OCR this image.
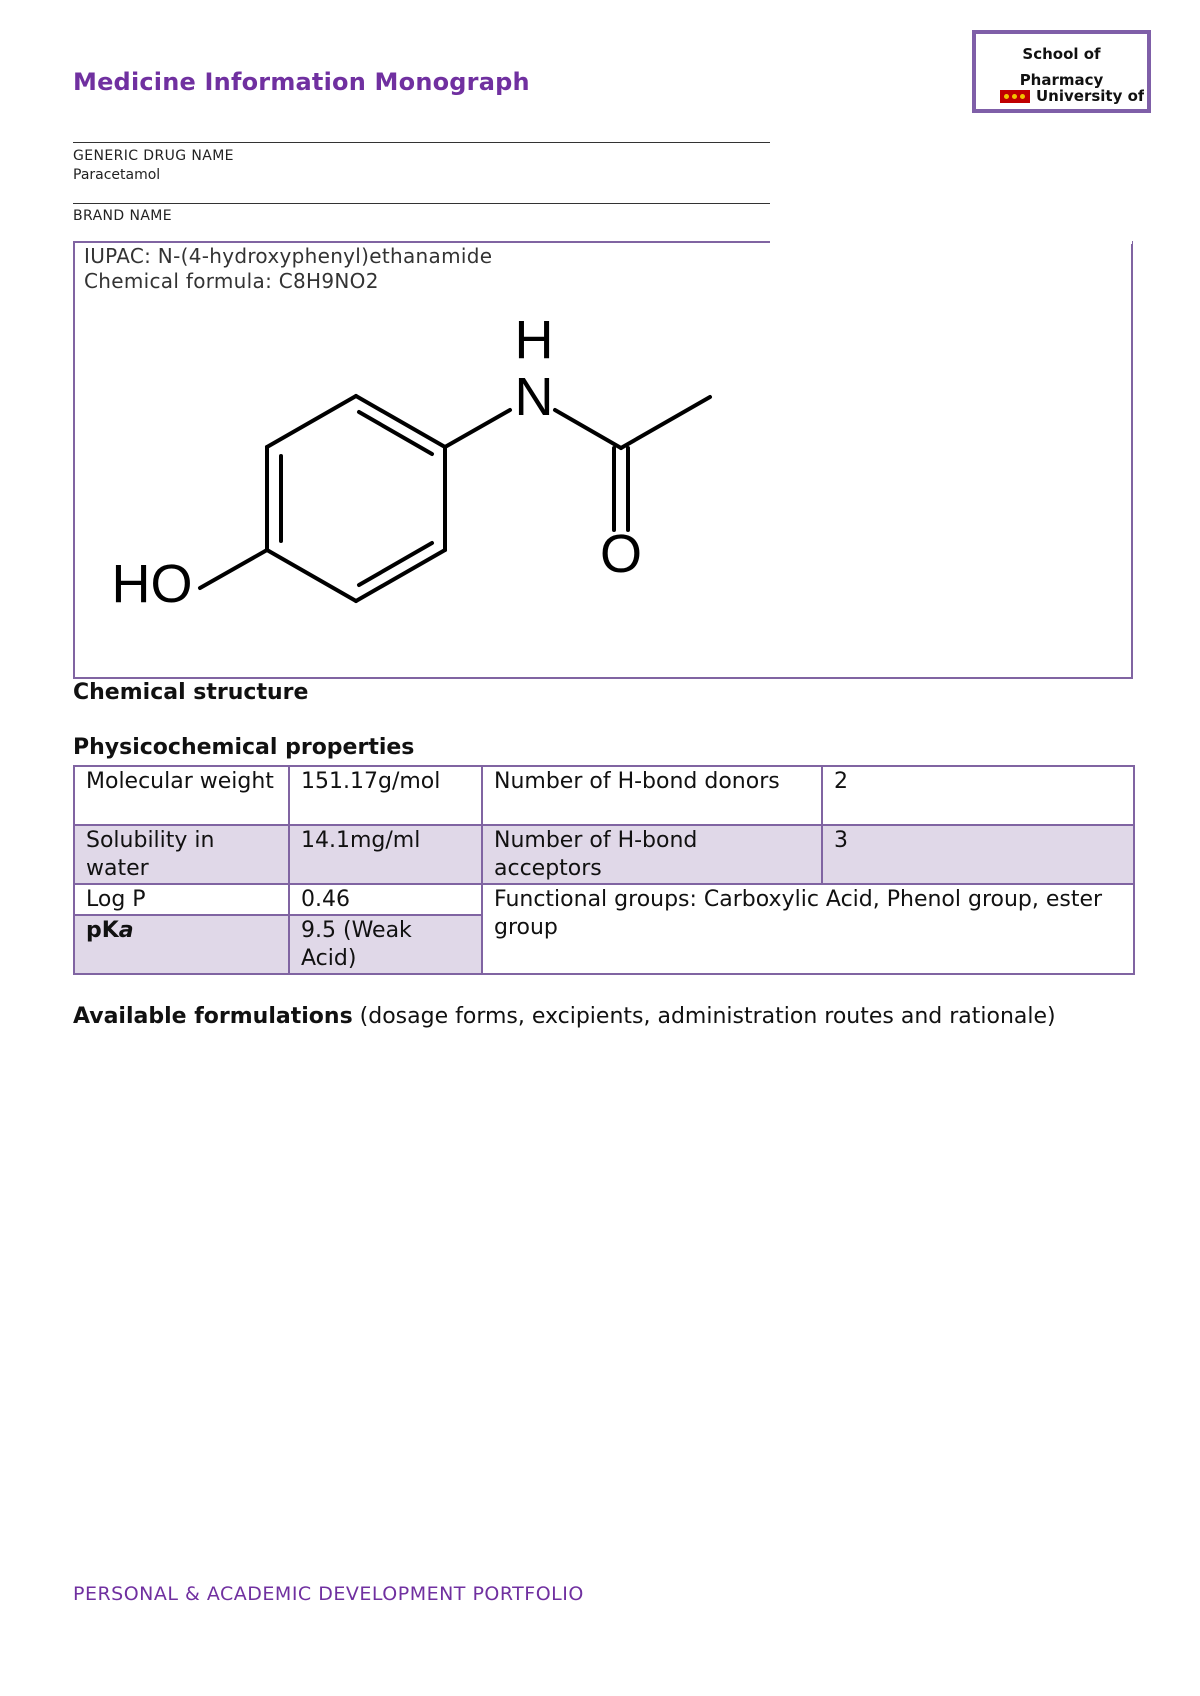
Medicine Information Monograph
School of
Pharmacy
University of
GENERIC DRUG NAME
Paracetamol
BRAND NAME
IUPAC: N-(4-hydroxyphenyl)ethanamide
Chemical formula: C8H9NO2
HO
N
H
O
Chemical structure
Physicochemical properties
Molecular weight	151.17g/mol	Number of H-bond donors	2
Solubility in water	14.1mg/ml	Number of H-bond acceptors	3
Log P	0.46	Functional groups: Carboxylic Acid, Phenol group, ester group	
pKa	9.5 (Weak Acid)		
Available formulations (dosage forms, excipients, administration routes and rationale)
PERSONAL & ACADEMIC DEVELOPMENT PORTFOLIO
